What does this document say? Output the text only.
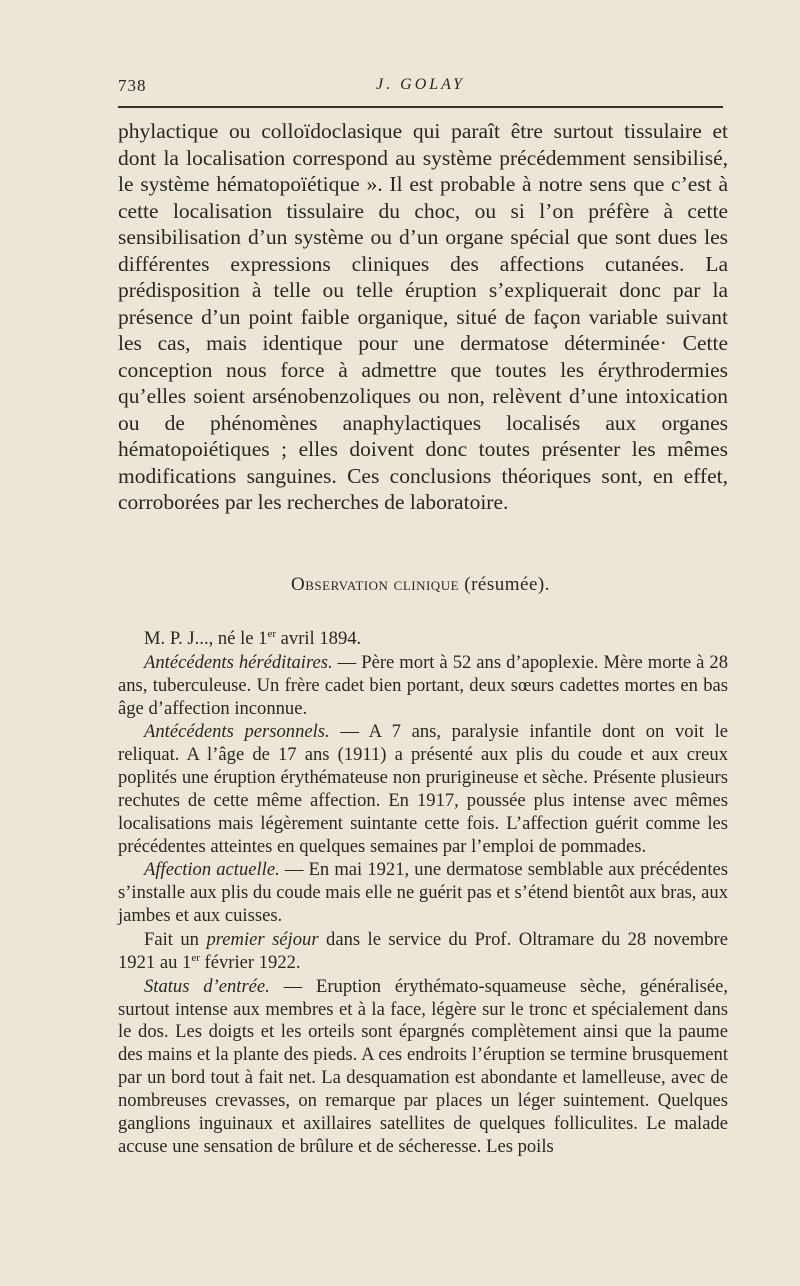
738	J. GOLAY

phylactique ou colloïdoclasique qui paraît être surtout tissulaire et dont la localisation correspond au système précédemment sensibilisé, le système hématopoïétique ». Il est probable à notre sens que c’est à cette localisation tissulaire du choc, ou si l’on préfère à cette sensibilisation d’un système ou d’un organe spécial que sont dues les différentes expressions cliniques des affections cutanées. La prédisposition à telle ou telle éruption s’expliquerait donc par la présence d’un point faible organique, situé de façon variable suivant les cas, mais identique pour une dermatose déterminée· Cette conception nous force à admettre que toutes les érythrodermies qu’elles soient arsénobenzoliques ou non, relèvent d’une intoxication ou de phénomènes anaphylactiques localisés aux organes hématopoiétiques ; elles doivent donc toutes présenter les mêmes modifications sanguines. Ces conclusions théoriques sont, en effet, corroborées par les recherches de laboratoire.

Observation clinique (résumée).

M. P. J..., né le 1er avril 1894.

Antécédents héréditaires. — Père mort à 52 ans d’apoplexie. Mère morte à 28 ans, tuberculeuse. Un frère cadet bien portant, deux sœurs cadettes mortes en bas âge d’affection inconnue.

Antécédents personnels. — A 7 ans, paralysie infantile dont on voit le reliquat. A l’âge de 17 ans (1911) a présenté aux plis du coude et aux creux poplités une éruption érythémateuse non prurigineuse et sèche. Présente plusieurs rechutes de cette même affection. En 1917, poussée plus intense avec mêmes localisations mais légèrement suintante cette fois. L’affection guérit comme les précédentes atteintes en quelques semaines par l’emploi de pommades.

Affection actuelle. — En mai 1921, une dermatose semblable aux précédentes s’installe aux plis du coude mais elle ne guérit pas et s’étend bientôt aux bras, aux jambes et aux cuisses.

Fait un premier séjour dans le service du Prof. Oltramare du 28 novembre 1921 au 1er février 1922.

Status d’entrée. — Eruption érythémato-squameuse sèche, généralisée, surtout intense aux membres et à la face, légère sur le tronc et spécialement dans le dos. Les doigts et les orteils sont épargnés complètement ainsi que la paume des mains et la plante des pieds. A ces endroits l’éruption se termine brusquement par un bord tout à fait net. La desquamation est abondante et lamelleuse, avec de nombreuses crevasses, on remarque par places un léger suintement. Quelques ganglions inguinaux et axillaires satellites de quelques folliculites. Le malade accuse une sensation de brûlure et de sécheresse. Les poils
